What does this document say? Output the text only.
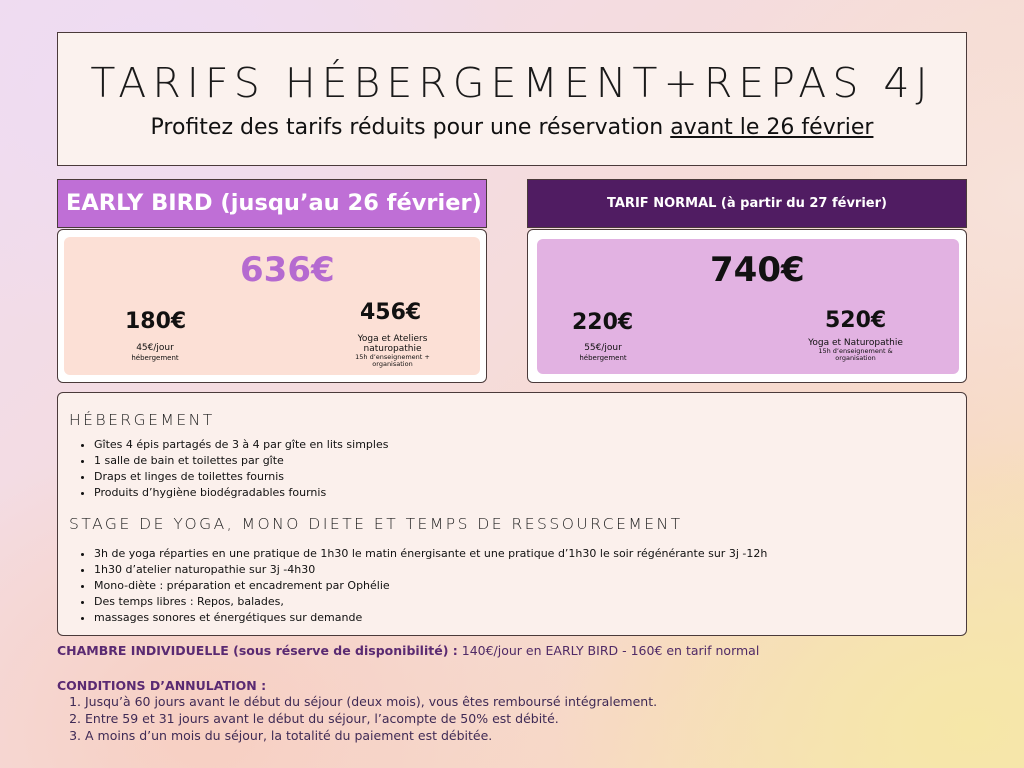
TARIFS HÉBERGEMENT+REPAS 4J
Profitez des tarifs réduits pour une réservation avant le 26 février
EARLY BIRD (jusqu’au 26 février)
636€
180€
45€/jour
hébergement
456€
Yoga et Ateliers naturopathie
15h d’enseignement + organisation
TARIF NORMAL (à partir du 27 février)
740€
220€
55€/jour
hébergement
520€
Yoga et Naturopathie
15h d’enseignement & organisation
HÉBERGEMENT
• Gîtes 4 épis partagés de 3 à 4 par gîte en lits simples
• 1 salle de bain et toilettes par gîte
• Draps et linges de toilettes fournis
• Produits d’hygiène biodégradables fournis
STAGE DE YOGA, MONO DIETE ET TEMPS DE RESSOURCEMENT
• 3h de yoga réparties en une pratique de 1h30 le matin énergisante et une pratique d’1h30 le soir régénérante sur 3j -12h
• 1h30 d’atelier naturopathie sur 3j -4h30
• Mono-diète : préparation et encadrement par Ophélie
• Des temps libres : Repos, balades,
• massages sonores et énergétiques sur demande
CHAMBRE INDIVIDUELLE (sous réserve de disponibilité) : 140€/jour en EARLY BIRD - 160€ en tarif normal
CONDITIONS D’ANNULATION :
1. Jusqu’à 60 jours avant le début du séjour (deux mois), vous êtes remboursé intégralement.
2. Entre 59 et 31 jours avant le début du séjour, l’acompte de 50% est débité.
3. A moins d’un mois du séjour, la totalité du paiement est débitée.
